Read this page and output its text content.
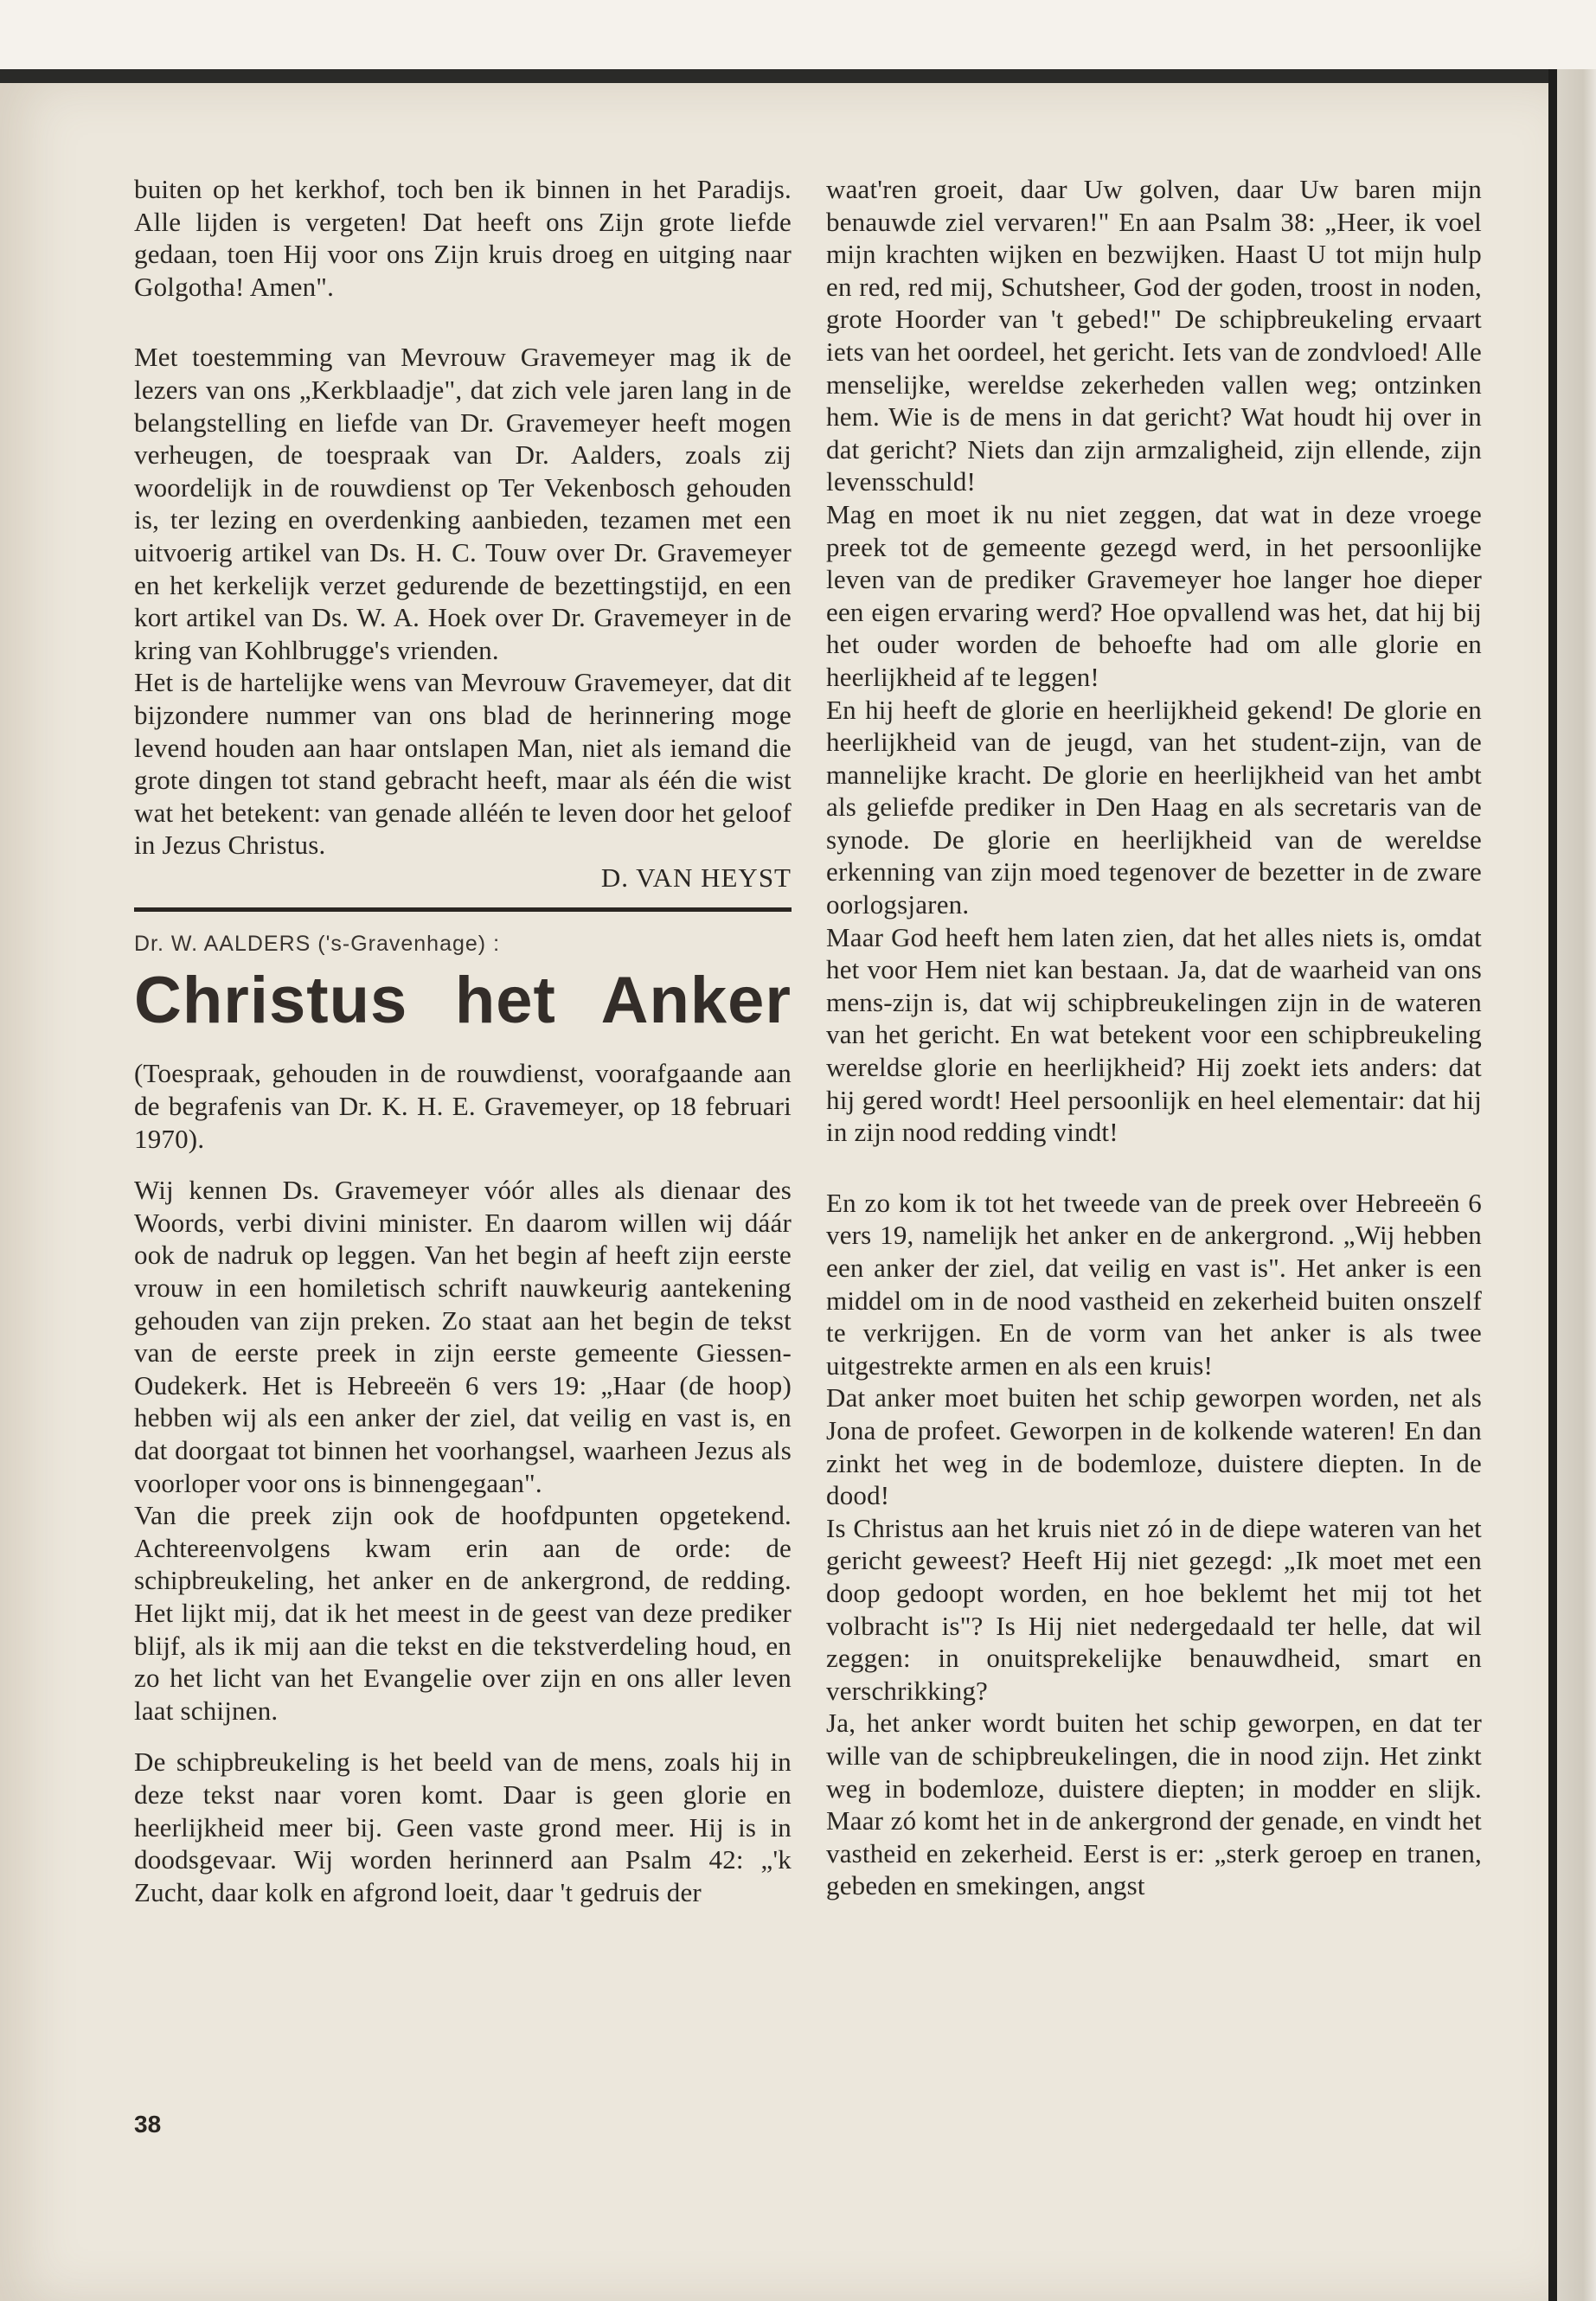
buiten op het kerkhof, toch ben ik binnen in het Paradijs. Alle lijden is vergeten! Dat heeft ons Zijn grote liefde gedaan, toen Hij voor ons Zijn kruis droeg en uitging naar Golgotha! Amen".

Met toestemming van Mevrouw Gravemeyer mag ik de lezers van ons „Kerkblaadje", dat zich vele jaren lang in de belangstelling en liefde van Dr. Gravemeyer heeft mogen verheugen, de toespraak van Dr. Aalders, zoals zij woordelijk in de rouwdienst op Ter Vekenbosch gehouden is, ter lezing en overdenking aanbieden, tezamen met een uitvoerig artikel van Ds. H. C. Touw over Dr. Gravemeyer en het kerkelijk verzet gedurende de bezettingstijd, en een kort artikel van Ds. W. A. Hoek over Dr. Gravemeyer in de kring van Kohlbrugge's vrienden.

Het is de hartelijke wens van Mevrouw Gravemeyer, dat dit bijzondere nummer van ons blad de herinnering moge levend houden aan haar ontslapen Man, niet als iemand die grote dingen tot stand gebracht heeft, maar als één die wist wat het betekent: van genade alléén te leven door het geloof in Jezus Christus.

D. VAN HEYST

Dr. W. AALDERS ('s-Gravenhage) :
Christus het Anker

(Toespraak, gehouden in de rouwdienst, voorafgaande aan de begrafenis van Dr. K. H. E. Gravemeyer, op 18 februari 1970).

Wij kennen Ds. Gravemeyer vóór alles als dienaar des Woords, verbi divini minister. En daarom willen wij dáár ook de nadruk op leggen. Van het begin af heeft zijn eerste vrouw in een homiletisch schrift nauwkeurig aantekening gehouden van zijn preken. Zo staat aan het begin de tekst van de eerste preek in zijn eerste gemeente Giessen-Oudekerk. Het is Hebreeën 6 vers 19: „Haar (de hoop) hebben wij als een anker der ziel, dat veilig en vast is, en dat doorgaat tot binnen het voorhangsel, waarheen Jezus als voorloper voor ons is binnengegaan".

Van die preek zijn ook de hoofdpunten opgetekend. Achtereenvolgens kwam erin aan de orde: de schipbreukeling, het anker en de ankergrond, de redding. Het lijkt mij, dat ik het meest in de geest van deze prediker blijf, als ik mij aan die tekst en die tekstverdeling houd, en zo het licht van het Evangelie over zijn en ons aller leven laat schijnen.

De schipbreukeling is het beeld van de mens, zoals hij in deze tekst naar voren komt. Daar is geen glorie en heerlijkheid meer bij. Geen vaste grond meer. Hij is in doodsgevaar. Wij worden herinnerd aan Psalm 42: „'k Zucht, daar kolk en afgrond loeit, daar 't gedruis der

waat'ren groeit, daar Uw golven, daar Uw baren mijn benauwde ziel vervaren!" En aan Psalm 38: „Heer, ik voel mijn krachten wijken en bezwijken. Haast U tot mijn hulp en red, red mij, Schutsheer, God der goden, troost in noden, grote Hoorder van 't gebed!" De schipbreukeling ervaart iets van het oordeel, het gericht. Iets van de zondvloed! Alle menselijke, wereldse zekerheden vallen weg; ontzinken hem. Wie is de mens in dat gericht? Wat houdt hij over in dat gericht? Niets dan zijn armzaligheid, zijn ellende, zijn levensschuld!

Mag en moet ik nu niet zeggen, dat wat in deze vroege preek tot de gemeente gezegd werd, in het persoonlijke leven van de prediker Gravemeyer hoe langer hoe dieper een eigen ervaring werd? Hoe opvallend was het, dat hij bij het ouder worden de behoefte had om alle glorie en heerlijkheid af te leggen!

En hij heeft de glorie en heerlijkheid gekend! De glorie en heerlijkheid van de jeugd, van het student-zijn, van de mannelijke kracht. De glorie en heerlijkheid van het ambt als geliefde prediker in Den Haag en als secretaris van de synode. De glorie en heerlijkheid van de wereldse erkenning van zijn moed tegenover de bezetter in de zware oorlogsjaren.

Maar God heeft hem laten zien, dat het alles niets is, omdat het voor Hem niet kan bestaan. Ja, dat de waarheid van ons mens-zijn is, dat wij schipbreukelingen zijn in de wateren van het gericht. En wat betekent voor een schipbreukeling wereldse glorie en heerlijkheid? Hij zoekt iets anders: dat hij gered wordt! Heel persoonlijk en heel elementair: dat hij in zijn nood redding vindt!

En zo kom ik tot het tweede van de preek over Hebreeën 6 vers 19, namelijk het anker en de ankergrond. „Wij hebben een anker der ziel, dat veilig en vast is". Het anker is een middel om in de nood vastheid en zekerheid buiten onszelf te verkrijgen. En de vorm van het anker is als twee uitgestrekte armen en als een kruis!

Dat anker moet buiten het schip geworpen worden, net als Jona de profeet. Geworpen in de kolkende wateren! En dan zinkt het weg in de bodemloze, duistere diepten. In de dood!

Is Christus aan het kruis niet zó in de diepe wateren van het gericht geweest? Heeft Hij niet gezegd: „Ik moet met een doop gedoopt worden, en hoe beklemt het mij tot het volbracht is"? Is Hij niet nedergedaald ter helle, dat wil zeggen: in onuitsprekelijke benauwdheid, smart en verschrikking?

Ja, het anker wordt buiten het schip geworpen, en dat ter wille van de schipbreukelingen, die in nood zijn. Het zinkt weg in bodemloze, duistere diepten; in modder en slijk. Maar zó komt het in de ankergrond der genade, en vindt het vastheid en zekerheid. Eerst is er: „sterk geroep en tranen, gebeden en smekingen, angst

38
